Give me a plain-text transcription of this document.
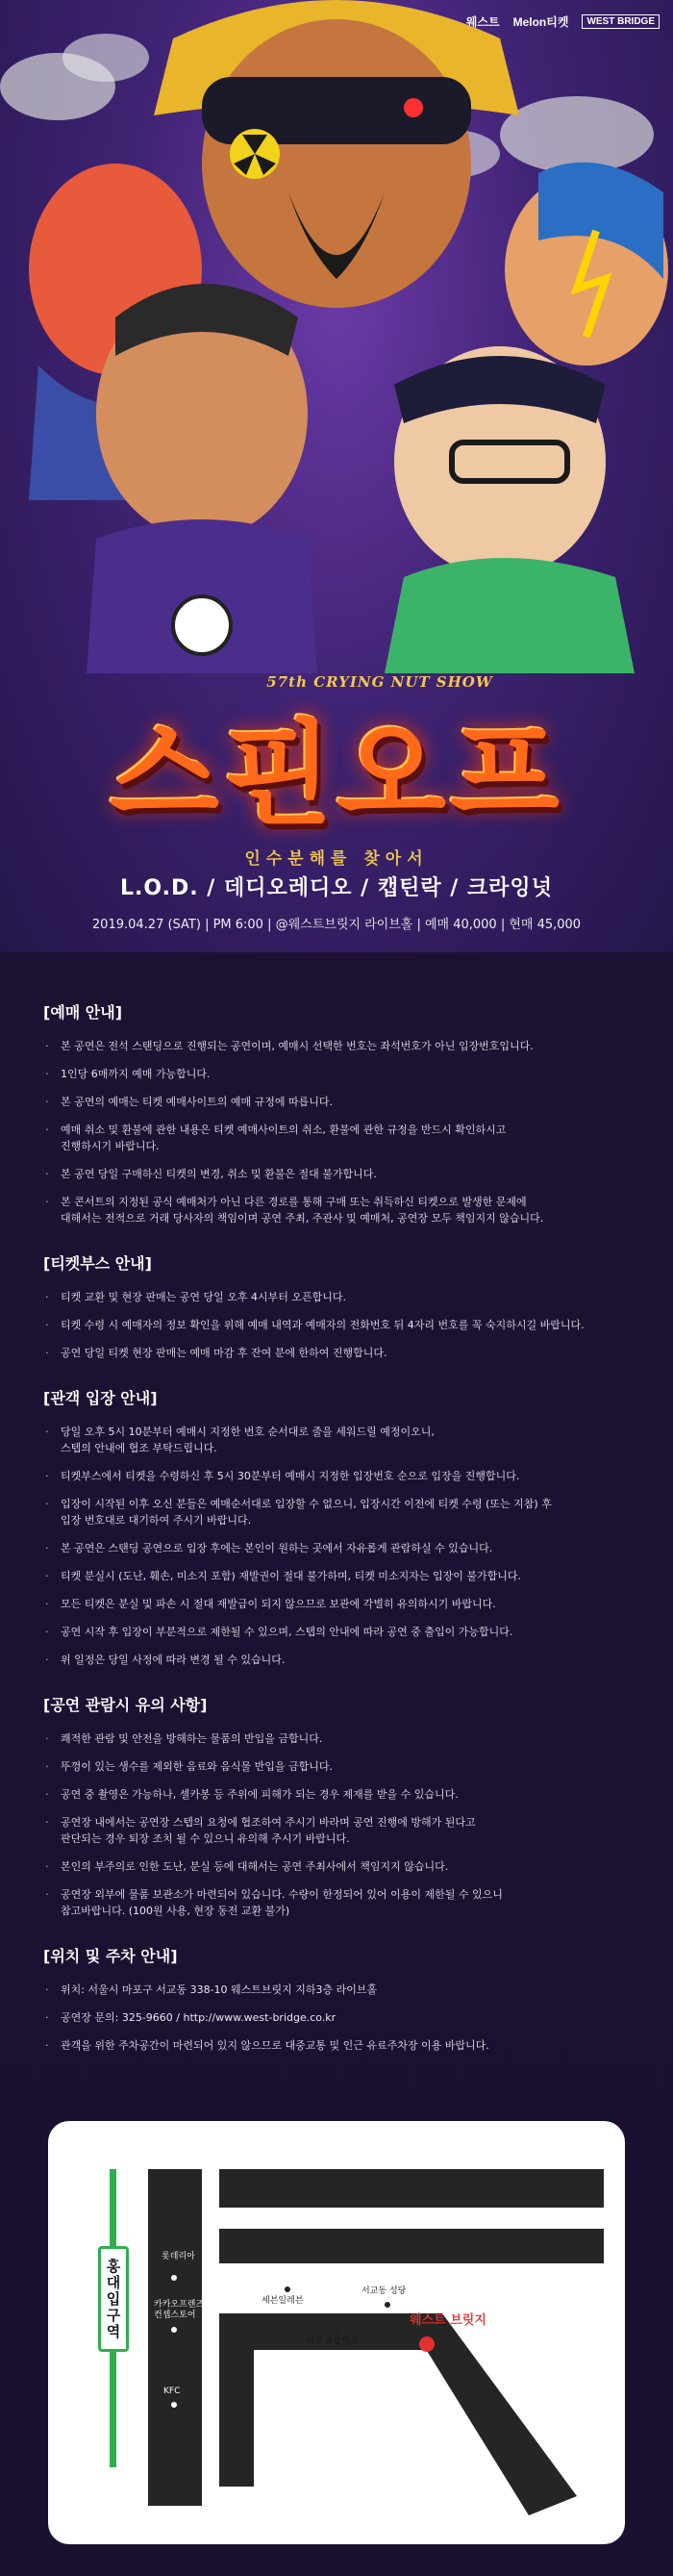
웨스트 Melon티켓	WEST BRIDGE
57th CRYING NUT SHOW
스핀오프
인수분해를 찾아서
L.O.D. / 데디오레디오 / 캡틴락 / 크라잉넛
2019.04.27 (SAT) | PM 6:00 | @웨스트브릿지 라이브홀 | 예매 40,000 | 현매 45,000
[예매 안내]
· 본 공연은 전석 스탠딩으로 진행되는 공연이며, 예매시 선택한 번호는 좌석번호가 아닌 입장번호입니다.
· 1인당 6매까지 예매 가능합니다.
· 본 공연의 예매는 티켓 예매사이트의 예매 규정에 따릅니다.
· 예매 취소 및 환불에 관한 내용은 티켓 예매사이트의 취소, 환불에 관한 규정을 반드시 확인하시고
진행하시기 바랍니다.
· 본 공연 당일 구매하신 티켓의 변경, 취소 및 환불은 절대 불가합니다.
· 본 콘서트의 지정된 공식 예매처가 아닌 다른 경로를 통해 구매 또는 취득하신 티켓으로 발생한 문제에
대해서는 전적으로 거래 당사자의 책임이며 공연 주최, 주관사 및 예매처, 공연장 모두 책임지지 않습니다.
[티켓부스 안내]
· 티켓 교환 및 현장 판매는 공연 당일 오후 4시부터 오픈합니다.
· 티켓 수령 시 예매자의 정보 확인을 위해 예매 내역과 예매자의 전화번호 뒤 4자리 번호를 꼭 숙지하시길 바랍니다.
· 공연 당일 티켓 현장 판매는 예매 마감 후 잔여 분에 한하여 진행합니다.
[관객 입장 안내]
· 당일 오후 5시 10분부터 예매시 지정한 번호 순서대로 줄을 세워드릴 예정이오니,
스텝의 안내에 협조 부탁드립니다.
· 티켓부스에서 티켓을 수령하신 후 5시 30분부터 예매시 지정한 입장번호 순으로 입장을 진행합니다.
· 입장이 시작된 이후 오신 분들은 예매순서대로 입장할 수 없으니, 입장시간 이전에 티켓 수령 (또는 지참) 후
입장 번호대로 대기하여 주시기 바랍니다.
· 본 공연은 스탠딩 공연으로 입장 후에는 본인이 원하는 곳에서 자유롭게 관람하실 수 있습니다.
· 티켓 분실시 (도난, 훼손, 미소지 포함) 재발권이 절대 불가하며, 티켓 미소지자는 입장이 불가합니다.
· 모든 티켓은 분실 및 파손 시 절대 재발급이 되지 않으므로 보관에 각별히 유의하시기 바랍니다.
· 공연 시작 후 입장이 부분적으로 제한될 수 있으며, 스텝의 안내에 따라 공연 중 출입이 가능합니다.
· 위 일정은 당일 사정에 따라 변경 될 수 있습니다.
[공연 관람시 유의 사항]
· 쾌적한 관람 및 안전을 방해하는 물품의 반입을 금합니다.
· 뚜껑이 있는 생수를 제외한 음료와 음식물 반입을 금합니다.
· 공연 중 촬영은 가능하나, 셀카봉 등 주위에 피해가 되는 경우 제재를 받을 수 있습니다.
· 공연장 내에서는 공연장 스텝의 요청에 협조하여 주시기 바라며 공연 진행에 방해가 된다고
판단되는 경우 퇴장 조치 될 수 있으니 유의해 주시기 바랍니다.
· 본인의 부주의로 인한 도난, 분실 등에 대해서는 공연 주최사에서 책임지지 않습니다.
· 공연장 외부에 물품 보관소가 마련되어 있습니다. 수량이 한정되어 있어 이용이 제한될 수 있으니
참고바랍니다. (100원 사용, 현장 동전 교환 불가)
[위치 및 주차 안내]
· 위치: 서울시 마포구 서교동 338-10 웨스트브릿지 지하3층 라이브홀
· 공연장 문의: 325-9660 / http://www.west-bridge.co.kr
· 관객을 위한 주차공간이 마련되어 있지 않으므로 대중교통 및 인근 유료주차장 이용 바랍니다.
홍대입구역
롯데리아
카카오프렌즈
컨셉스토어
KFC
세븐일레븐
서교동 성당
서교 초등학교
웨스트 브릿지
